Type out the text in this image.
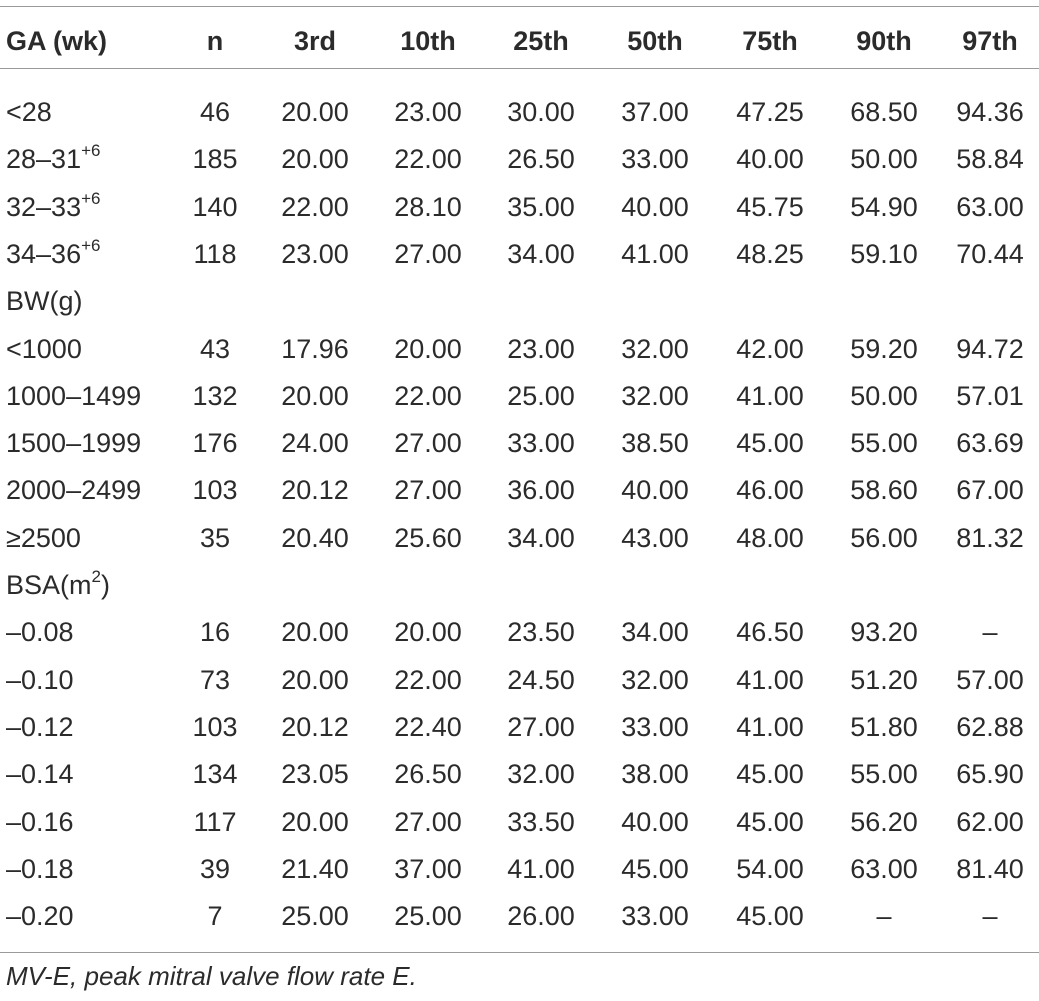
GA (wk)	n	3rd	10th	25th	50th	75th	90th	97th
<28	46	20.00	23.00	30.00	37.00	47.25	68.50	94.36
$28-31^{+6}$	185	20.00	22.00	26.50	33.00	40.00	50.00	58.84
$32-33^{+6}$	140	22.00	28.10	35.00	40.00	45.75	54.90	63.00
$34-36^{+6}$	118	23.00	27.00	34.00	41.00	48.25	59.10	70.44
BW(g)
<1000	43	17.96	20.00	23.00	32.00	42.00	59.20	94.72
1000–1499	132	20.00	22.00	25.00	32.00	41.00	50.00	57.01
1500–1999	176	24.00	27.00	33.00	38.50	45.00	55.00	63.69
2000–2499	103	20.12	27.00	36.00	40.00	46.00	58.60	67.00
≥2500	35	20.40	25.60	34.00	43.00	48.00	56.00	81.32
$BSA(m^2)$
–0.08	16	20.00	20.00	23.50	34.00	46.50	93.20	–
–0.10	73	20.00	22.00	24.50	32.00	41.00	51.20	57.00
–0.12	103	20.12	22.40	27.00	33.00	41.00	51.80	62.88
–0.14	134	23.05	26.50	32.00	38.00	45.00	55.00	65.90
–0.16	117	20.00	27.00	33.50	40.00	45.00	56.20	62.00
–0.18	39	21.40	37.00	41.00	45.00	54.00	63.00	81.40
–0.20	7	25.00	25.00	26.00	33.00	45.00	–	–
MV-E, peak mitral valve flow rate E.
